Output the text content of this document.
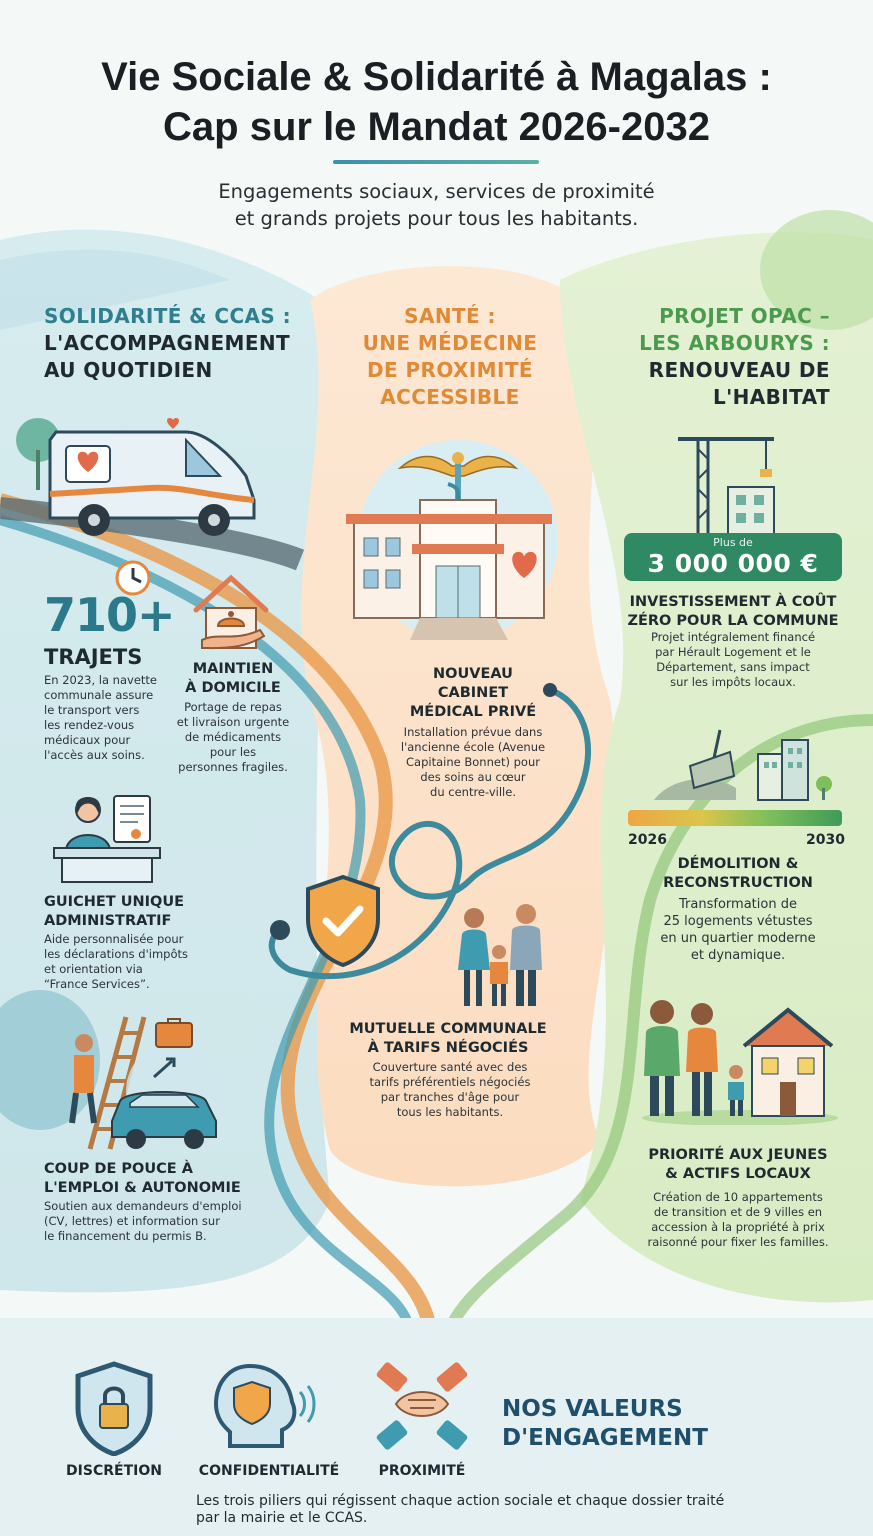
Vie Sociale & Solidarité à Magalas :
Cap sur le Mandat 2026-2032
Engagements sociaux, services de proximité
et grands projets pour tous les habitants.
SOLIDARITÉ & CCAS :
L'ACCOMPAGNEMENT
AU QUOTIDIEN
710+
TRAJETS
En 2023, la navette
communale assure
le transport vers
les rendez-vous
médicaux pour
l'accès aux soins.
MAINTIEN
À DOMICILE
Portage de repas
et livraison urgente
de médicaments
pour les
personnes fragiles.
GUICHET UNIQUE
ADMINISTRATIF
Aide personnalisée pour
les déclarations d'impôts
et orientation via
“France Services”.
COUP DE POUCE À
L'EMPLOI & AUTONOMIE
Soutien aux demandeurs d'emploi
(CV, lettres) et information sur
le financement du permis B.
SANTÉ :
UNE MÉDECINE
DE PROXIMITÉ
ACCESSIBLE
NOUVEAU
CABINET
MÉDICAL PRIVÉ
Installation prévue dans
l'ancienne école (Avenue
Capitaine Bonnet) pour
des soins au cœur
du centre-ville.
MUTUELLE COMMUNALE
À TARIFS NÉGOCIÉS
Couverture santé avec des
tarifs préférentiels négociés
par tranches d'âge pour
tous les habitants.
PROJET OPAC –
LES ARBOURYS :
RENOUVEAU DE
L'HABITAT
Plus de
3 000 000 €
INVESTISSEMENT À COÛT
ZÉRO POUR LA COMMUNE
Projet intégralement financé
par Hérault Logement et le
Département, sans impact
sur les impôts locaux.
2026	2030
DÉMOLITION &
RECONSTRUCTION
Transformation de
25 logements vétustes
en un quartier moderne
et dynamique.
PRIORITÉ AUX JEUNES
& ACTIFS LOCAUX
Création de 10 appartements
de transition et de 9 villes en
accession à la propriété à prix
raisonné pour fixer les familles.
DISCRÉTION	CONFIDENTIALITÉ	PROXIMITÉ
NOS VALEURS
D'ENGAGEMENT
Les trois piliers qui régissent chaque action sociale et chaque dossier traité
par la mairie et le CCAS.
